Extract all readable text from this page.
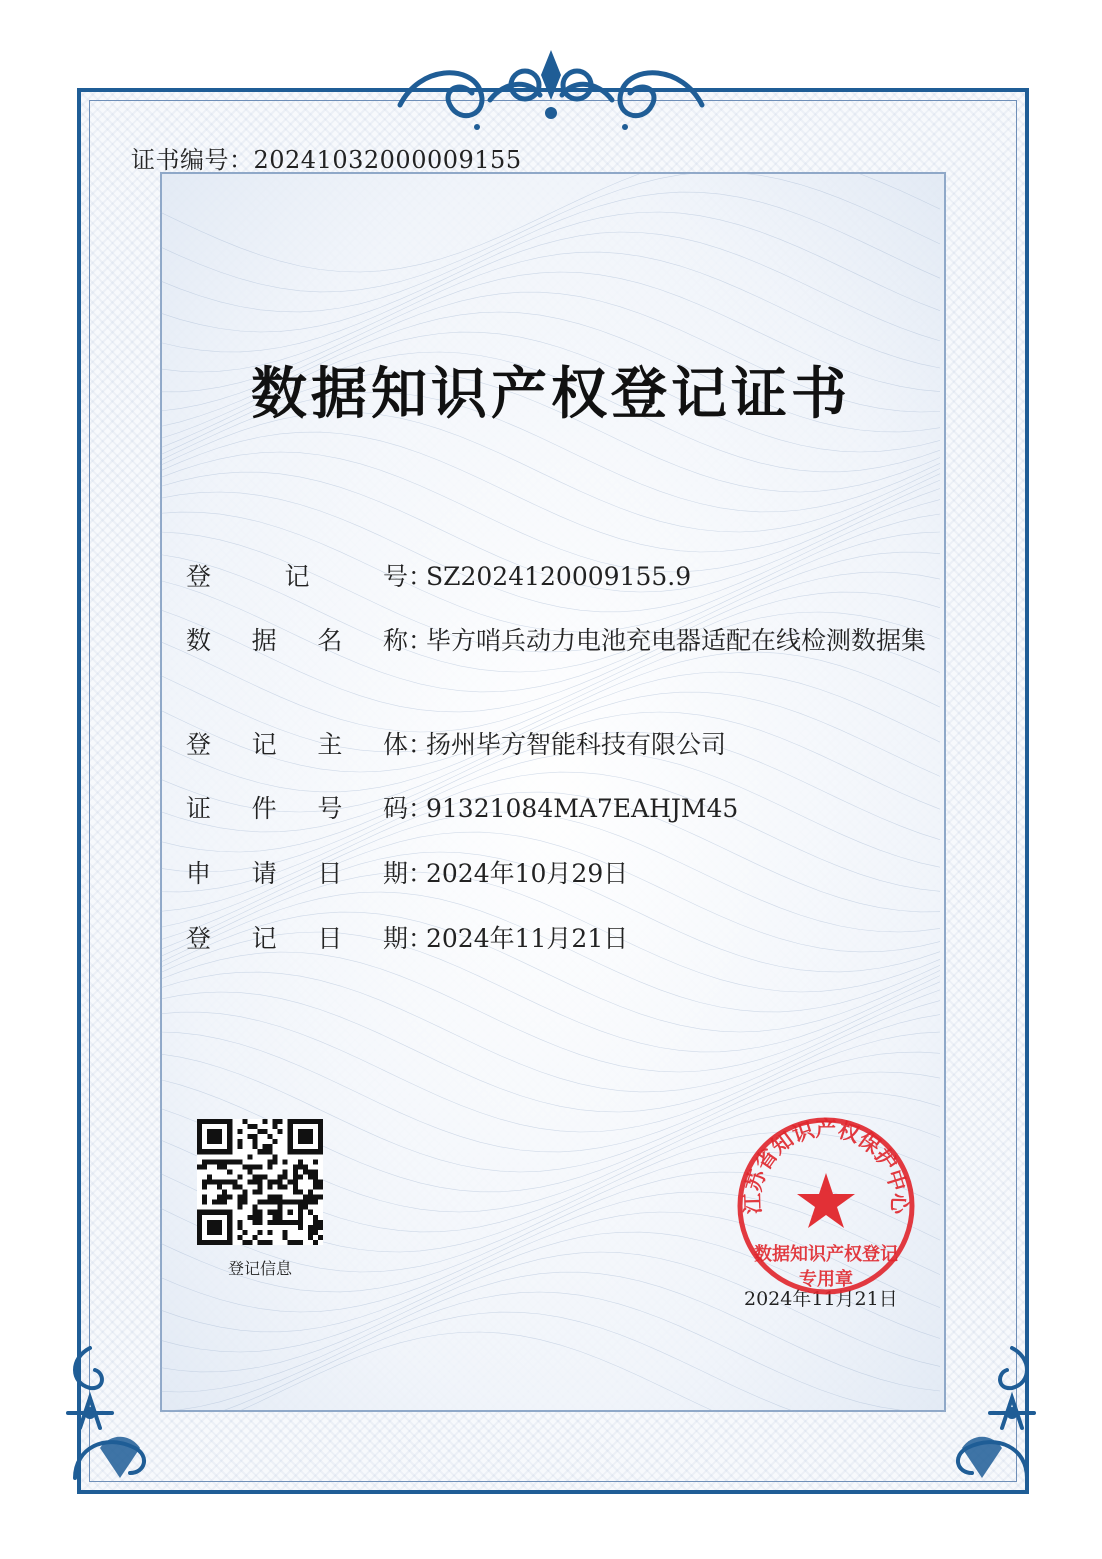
证书编号：20241032000009155
数据知识产权登记证书
登	记	号 ：
SZ2024120009155.9
数 据 名 称 ：
毕方哨兵动力电池充电器适配在线检测数据集
登 记 主 体 ：
扬州毕方智能科技有限公司
证 件 号 码 ：
91321084MA7EAHJM45
申 请 日 期 ：
2024年10月29日
登 记 日 期 ：
2024年11月21日
登记信息
2024年11月21日
江苏省知识产权保护中心
数据知识产权登记
专用章
